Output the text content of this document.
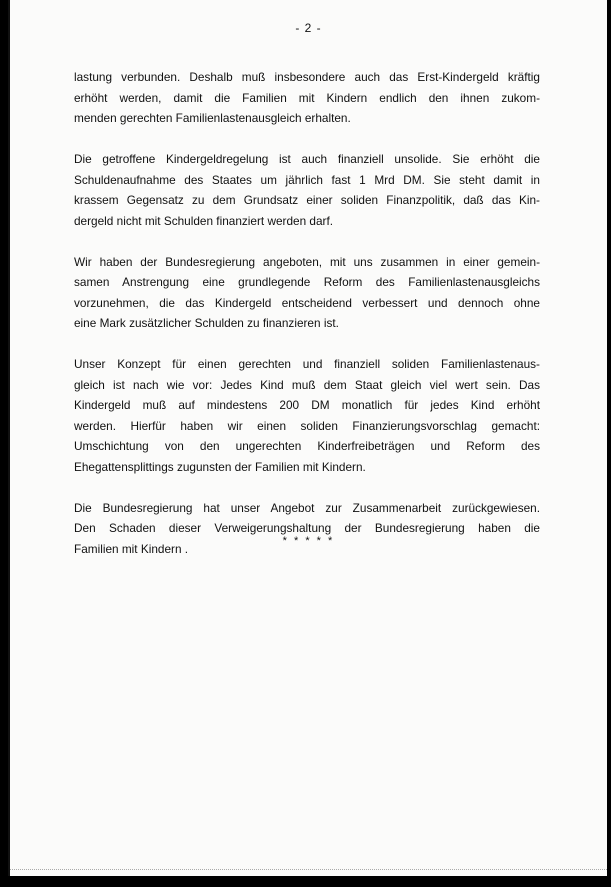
- 2 -

lastung verbunden. Deshalb muß insbesondere auch das Erst-Kindergeld kräftig
erhöht werden, damit die Familien mit Kindern endlich den ihnen zukom-
menden gerechten Familienlastenausgleich erhalten.

Die getroffene Kindergeldregelung ist auch finanziell unsolide. Sie erhöht die
Schuldenaufnahme des Staates um jährlich fast 1 Mrd DM. Sie steht damit in
krassem Gegensatz zu dem Grundsatz einer soliden Finanzpolitik, daß das Kin-
dergeld nicht mit Schulden finanziert werden darf.

Wir haben der Bundesregierung angeboten, mit uns zusammen in einer gemein-
samen Anstrengung eine grundlegende Reform des Familienlastenausgleichs
vorzunehmen, die das Kindergeld entscheidend verbessert und dennoch ohne
eine Mark zusätzlicher Schulden zu finanzieren ist.

Unser Konzept für einen gerechten und finanziell soliden Familienlastenaus-
gleich ist nach wie vor: Jedes Kind muß dem Staat gleich viel wert sein. Das
Kindergeld muß auf mindestens 200 DM monatlich für jedes Kind erhöht
werden. Hierfür haben wir einen soliden Finanzierungsvorschlag gemacht:
Umschichtung von den ungerechten Kinderfreibeträgen und Reform des
Ehegattensplittings zugunsten der Familien mit Kindern.

Die Bundesregierung hat unser Angebot zur Zusammenarbeit zurückgewiesen.
Den Schaden dieser Verweigerungshaltung der Bundesregierung haben die
Familien mit Kindern .

* * * * *
